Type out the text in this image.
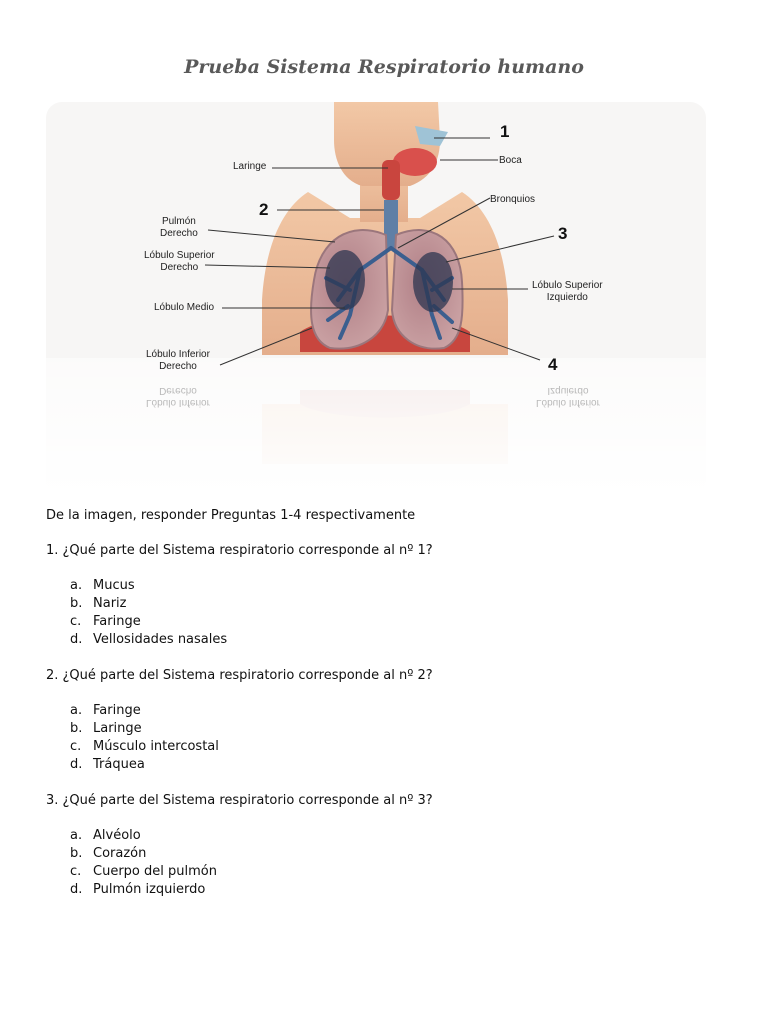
Prueba Sistema Respiratorio humano
Laringe
Boca
Bronquios
Pulmón
Derecho
Lóbulo Superior
Derecho
Lóbulo Medio
Lóbulo Inferior
Derecho
Lóbulo Superior
Izquierdo
Lóbulo Inferior
Derecho
Lóbulo Inferior
Izquierdo
1
2
3
4
De la imagen, responder Preguntas 1-4 respectivamente
1. ¿Qué parte del Sistema respiratorio corresponde al nº 1?
a. Mucus
b. Nariz
c. Faringe
d. Vellosidades nasales
2. ¿Qué parte del Sistema respiratorio corresponde al nº 2?
a. Faringe
b. Laringe
c. Músculo intercostal
d. Tráquea
3. ¿Qué parte del Sistema respiratorio corresponde al nº 3?
a. Alvéolo
b. Corazón
c. Cuerpo del pulmón
d. Pulmón izquierdo
